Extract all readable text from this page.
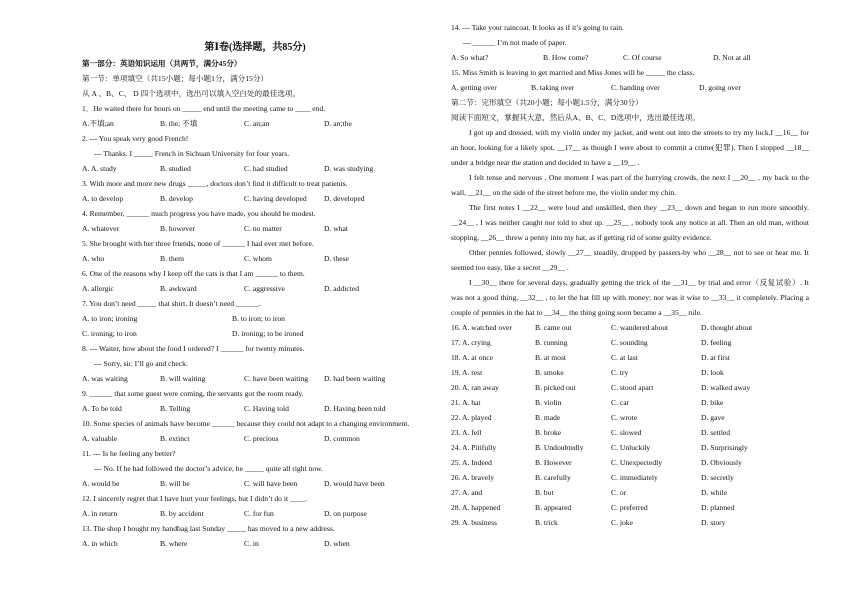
第Ⅰ卷(选择题，共85分)
第一部分：英语知识运用（共两节，满分45分）
第一节：单项填空（共15小题；每小题1分，满分15分）
从 A 、B、C、 D 四个选项中，选出可以填入空白处的最佳选项。
1．He waited there for hours on _____ end until the meeting came to ____ end.
A.不填;an	B. the; 不填	C. an;an	D. an;the
2. --- You speak very good French!
--- Thanks. I _____ French in Sichuan University for four years.
A. A. study	B. studied	C. had studied	D. was studying
3. With more and more new drugs _____, doctors don’t find it difficult to treat patients.
A. to develop	B. develop	C. having developed	D. developed
4. Remember, ______ much progress you have made, you should be modest.
A. whatever	B. however	C. no matter	D. what
5. She brought with her three friends, none of ______ I had ever met before.
A. who	B. them	C. whom	D. these
6. One of the reasons why I keep off the cats is that I am ______ to them.
A. allergic	B. awkward	C. aggressive	D. addicted
7. You don’t need _____ that shirt. It doesn’t need ______.
A. to iron; ironing	B. to iron; to iron
C. ironing; to iron	D. ironing; to be ironed
8. --- Waiter, how about the food I ordered? I ______ for twenty minutes.
--- Sorry, sir. I’ll go and check.
A. was waiting	B. will waiting	C. have been waiting	D. had been waiting
9. ______ that some guest were coming, the servants got the room ready.
A. To be told	B. Telling	C. Having told	D. Having been told
10. Some species of animals have become ______ because they could not adapt to a changing environment.
A. valuable	B. extinct	C. precious	D. common
11. --- Is he feeling any better?
--- No. If he had followed the doctor’s advice, he _____ quite all right now.
A. would be	B. will be	C. will have been	D. would have been
12. I sincerely regret that I have hurt your feelings, but I didn’t do it ____.
A. in return	B. by accident	C. for fun	D. on purpose
13. The shop I bought my handbag last Sunday _____ has moved to a new address.
A. in which	B. where	C. in	D. when
14. --- Take your raincoat. It looks as if it’s going to rain.
--- ______ I’m not made of paper.
A. So what?	B. How come?	C. Of course	D. Not at all
15. Miss Smith is leaving to get married and Miss Jones will be _____ the class.
A. getting over	B. taking over	C. handing over	D. going over
第二节：完形填空（共20小题；每小题1.5分，满分30分）
阅读下面短文，掌握其大意，然后从A、B、C、D选项中，选出最佳选项。
I got up and dressed, with my violin under my jacket, and went out into the streets to try my luck.I __16__ for an hour, looking for a likely spot, __17__ as though I were about to commit a crime(犯罪). Then I stopped __18__ under a bridge near the station and decided to have a __19__ .
I felt tense and nervous . One moment I was part of the hurrying crowds, the next I __20__ , my back to the wall, __21__ on the side of the street before me, the violin under my chin.
The first notes I __22__ were loud and unskilled, then they __23__ down and began to run more smoothly. __24__ , I was neither caught nor told to shut up. __25__ , nobody took any notice at all. Then an old man, without stopping, __26__ threw a penny into my hat, as if getting rid of some guilty evidence.
Other pennies followed, slowly __27__ steadily, dropped by passers-by who __28__ not to see or hear me. It seemed too easy, like a secret __29__ .
I __30__ there for several days, gradually getting the trick of the __31__ by trial and error（反复试验）. It was not a good thing, __32__ , to let the hat fill up with money; nor was it wise to __33__ it completely. Placing a couple of pennies in the hat to __34__ the thing going soon became a __35__ rule.
16. A. watched over	B. came out	C. wandered about	D. thought about
17. A. crying	B. running	C. sounding	D. feeling
18. A. at once	B. at most	C. at last	D. at first
19. A. rest	B. smoke	C. try	D. look
20. A. ran away	B. picked out	C. stood apart	D. walked away
21. A. hat	B. violin	C. car	D. bike
22. A. played	B. made	C. wrote	D. gave
23. A. fell	B. broke	C. slowed	D. settled
24. A. Pitifully	B. Undoubtedly	C. Unluckily	D. Surprisingly
25. A. Indeed	B. However	C. Unexpectedly	D. Obviously
26. A. bravely	B. carefully	C. immediately	D. secretly
27. A. and	B. but	C. or	D. while
28. A. happened	B. appeared	C. preferred	D. planned
29. A. business	B. trick	C. joke	D. story
